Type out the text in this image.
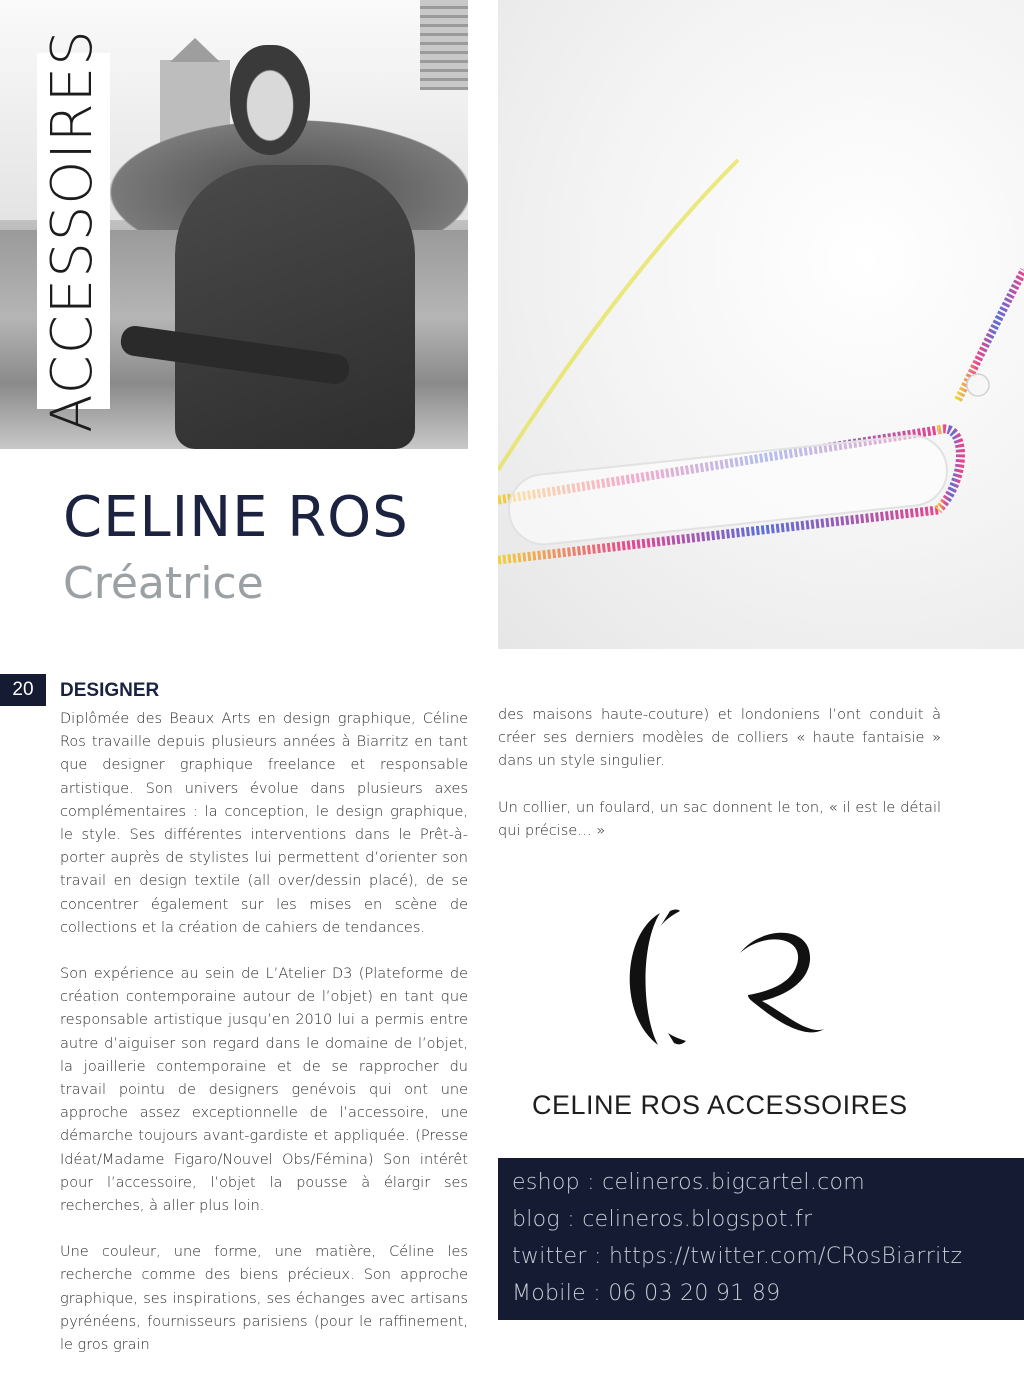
ACCESSOIRES
CELINE ROS
Créatrice
20	DESIGNER

Diplômée des Beaux Arts en design graphique, Céline Ros travaille depuis plusieurs années à Biarritz en tant que designer graphique freelance et responsable artistique. Son univers évolue dans plusieurs axes complémentaires : la conception, le design graphique, le style. Ses différentes interventions dans le Prêt-à-porter auprès de stylistes lui permettent d’orienter son travail en design textile (all over/dessin placé), de se concentrer également sur les mises en scène de collections et la création de cahiers de tendances.

Son expérience au sein de L’Atelier D3 (Plateforme de création contemporaine autour de l’objet) en tant que responsable artistique jusqu’en 2010 lui a permis entre autre d’aiguiser son regard dans le domaine de l’objet, la joaillerie contemporaine et de se rapprocher du travail pointu de designers genévois qui ont une approche assez exceptionnelle de l’accessoire, une démarche toujours avant-gardiste et appliquée. (Presse Idéat/Madame Figaro/Nouvel Obs/Fémina) Son intérêt pour l’accessoire, l’objet la pousse à élargir ses recherches, à aller plus loin.

Une couleur, une forme, une matière, Céline les recherche comme des biens précieux. Son approche graphique, ses inspirations, ses échanges avec artisans pyrénéens, fournisseurs parisiens (pour le raffinement, le gros grain

des maisons haute-couture) et londoniens l’ont conduit à créer ses derniers modèles de colliers « haute fantaisie » dans un style singulier.

Un collier, un foulard, un sac donnent le ton, « il est le détail qui précise… »

CELINE ROS ACCESSOIRES

eshop : celineros.bigcartel.com
blog : celineros.blogspot.fr
twitter : https://twitter.com/CRosBiarritz
Mobile : 06 03 20 91 89
